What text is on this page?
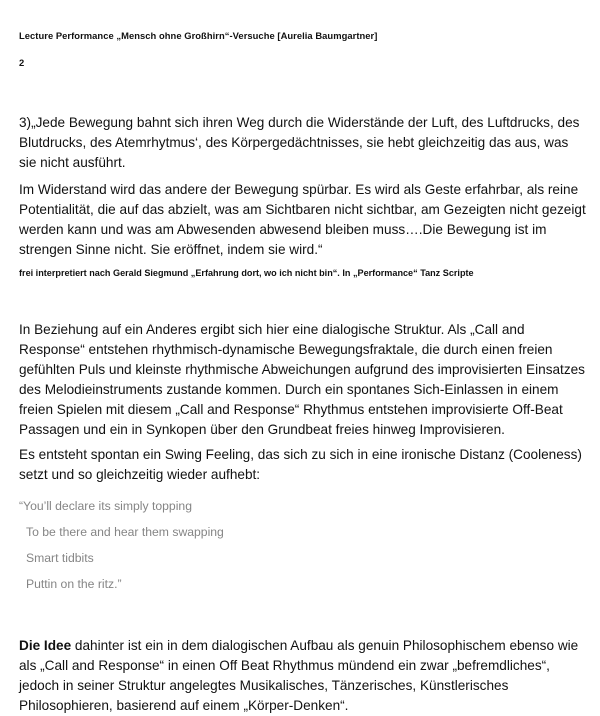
Lecture Performance „Mensch ohne Großhirn“-Versuche [Aurelia Baumgartner]
2
3)„Jede Bewegung bahnt sich ihren Weg durch die Widerstände der Luft, des Luftdrucks, des Blutdrucks, des Atemrhytmus‘, des Körpergedächtnisses, sie hebt gleichzeitig das aus, was sie nicht ausführt.
Im Widerstand wird das andere der Bewegung spürbar. Es wird als Geste erfahrbar, als reine Potentialität, die auf das abzielt, was am Sichtbaren nicht sichtbar, am Gezeigten nicht gezeigt werden kann und was am Abwesenden abwesend bleiben muss….Die Bewegung ist im strengen Sinne nicht. Sie eröffnet, indem sie wird.“
frei interpretiert nach Gerald Siegmund „Erfahrung dort, wo ich nicht bin“. In „Performance“ Tanz Scripte
In Beziehung auf ein Anderes ergibt sich hier eine dialogische Struktur. Als „Call and Response“ entstehen rhythmisch-dynamische Bewegungsfraktale, die durch einen freien gefühlten Puls und kleinste rhythmische Abweichungen aufgrund des improvisierten Einsatzes des Melodieinstruments zustande kommen. Durch ein spontanes Sich-Einlassen in einem freien Spielen mit diesem „Call and Response“ Rhythmus entstehen improvisierte Off-Beat Passagen und ein in Synkopen über den Grundbeat freies hinweg Improvisieren.
Es entsteht spontan ein Swing Feeling, das sich zu sich in eine ironische Distanz (Cooleness) setzt und so gleichzeitig wieder aufhebt:
“You’ll declare its simply topping
To be there and hear them swapping
Smart tidbits
Puttin on the ritz.”
Die Idee dahinter ist ein in dem dialogischen Aufbau als genuin Philosophischem ebenso wie als „Call and Response“ in einen Off Beat Rhythmus mündend ein zwar „befremdliches“, jedoch in seiner Struktur angelegtes Musikalisches, Tänzerisches, Künstlerisches Philosophieren, basierend auf einem „Körper-Denken“.
